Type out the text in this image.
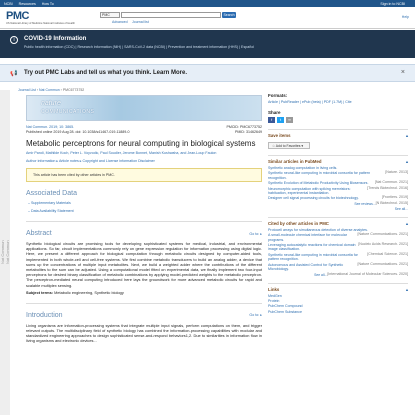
NCBI Resources How To	Sign in to NCBI
PMC
US National Library of Medicine National Institutes of Health
PMC	Search
Advanced Journal list
Help
i	COVID-19 Information
Public health information (CDC) | Research information (NIH) | SARS-CoV-2 data (NCBI) | Prevention and treatment information (HHS) | Español
📢 Try out PMC Labs and tell us what you think. Learn More.	×
Journal List › Nat Commun › PMC6773752
Nat Commun Nat Commun
nature
COMMUNICATIONS
Nat Commun. 2019; 10: 3865.	PMCID: PMC6773752
Published online 2019 Aug 28. doi: 10.1038/s41467-019-11889-0	PMID: 31462649
Metabolic perceptrons for neural computing in biological systems
Amir Pandi, Mathilde Koch, Peter L. Voyvodic, Paul Soudier, Jerome Bonnet, Manish Kushwaha, and Jean-Loup Faulon
Author information ▸ Article notes ▸ Copyright and License information Disclaimer
This article has been cited by other articles in PMC.
Associated Data
– Supplementary Materials
– Data Availability Statement
Abstract	Go to: ▸
Synthetic biological circuits are promising tools for developing sophisticated systems for medical, industrial, and environmental applications. So far, circuit implementations commonly rely on gene expression regulation for information processing using digital logic. Here, we present a different approach for biological computation through metabolic circuits designed by computer-aided tools, implemented in both whole-cell and cell-free systems. We first combine metabolic transducers to build an analog adder, a device that sums up the concentrations of multiple input metabolites. Next, we build a weighted adder where the contributions of the different metabolites to the sum can be adjusted. Using a computational model fitted on experimental data, we finally implement two four-input perceptrons for desired binary classification of metabolic combinations by applying model-predicted weights to the metabolic perceptron. The perceptron-mediated neural computing introduced here lays the groundwork for more advanced metabolic circuits for rapid and scalable multiplex sensing.
Subject terms: Metabolic engineering, Synthetic biology
Introduction	Go to: ▸
Living organisms are information-processing systems that integrate multiple input signals, perform computations on them, and trigger relevant outputs. The multidisciplinary field of synthetic biology has combined the information-processing capabilities with modular and standardized engineering approaches to design sophisticated sense-and-respond behaviors1,2. Due to similarities in information flow in living organisms and electronic devices...
Formats:
Article | PubReader | ePub (beta) | PDF (1.7M) | Cite
Share
f	t	∞
Save items	▴
☆ Add to Favorites ▾
Similar articles in PubMed	▴
Synthetic analog computation in living cells.

[Nature. 2013]
Synthetic neural-like computing in microbial consortia for pattern recognition.

[Nat Commun. 2021]
Synthetic Evolution of Metabolic Productivity Using Biosensors.

[Trends Biotechnol. 2016]
Neuromorphic computation with spiking memristors: habituation, experimental instantiation.

[Frontiers. 2019]
Designer cell signal processing circuits for biotechnology.

[N Biotechnol. 2015]
See reviews...
See all...
Cited by other articles in PMC	▴
Protocell arrays for simultaneous detection of diverse analytes.

[Nature Communications. 2021]
A small-molecule chemical interface for molecular programs.

[Nucleic Acids Research. 2021]
Leveraging autocatalytic reactions for chemical domain image classification.

[Chemical Science. 2021]
Synthetic neural-like computing in microbial consortia for pattern recognition.

[Nature Communications. 2021]
Autonomous and Assisted Control for Synthetic Microbiology.

[International Journal of Molecular Sciences. 2020]
See all...
Links	▴
MedGen
Protein
PubChem Compound
PubChem Substance
